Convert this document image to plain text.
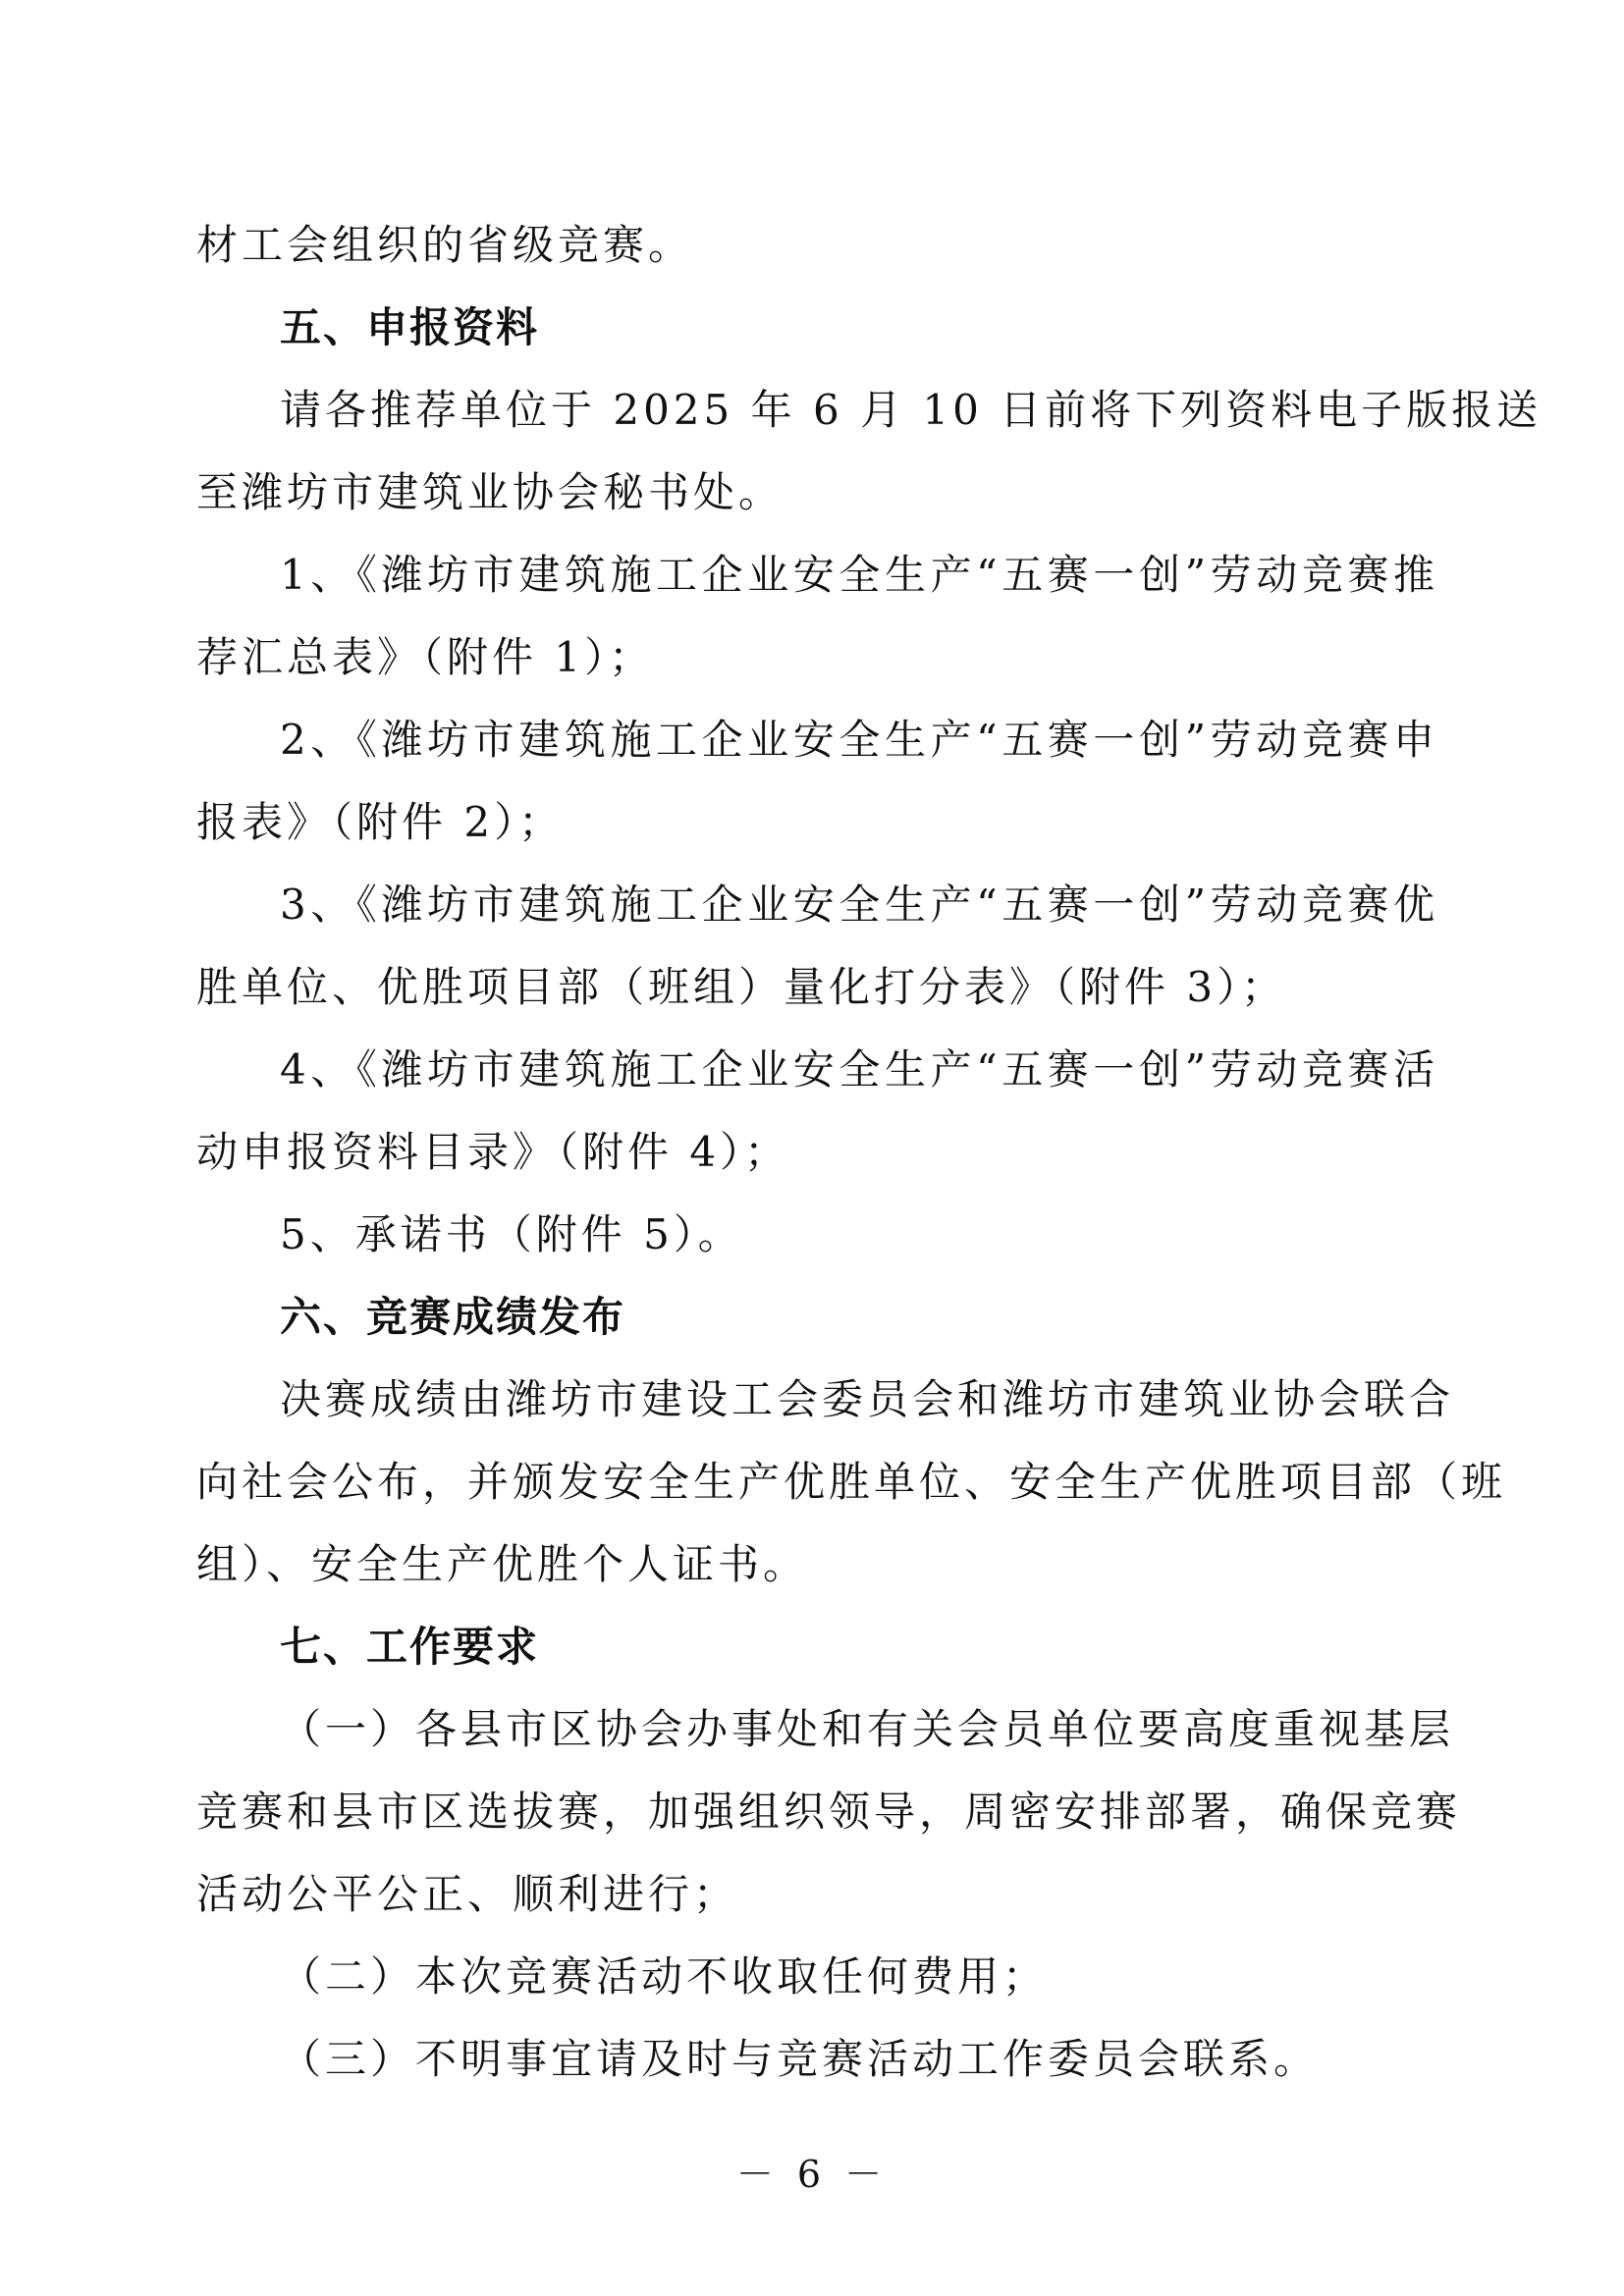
材工会组织的省级竞赛。
五、申报资料
请各推荐单位于 2025 年 6 月 10 日前将下列资料电子版报送
至潍坊市建筑业协会秘书处。
1、《潍坊市建筑施工企业安全生产“五赛一创”劳动竞赛推
荐汇总表》（附件 1）；
2、《潍坊市建筑施工企业安全生产“五赛一创”劳动竞赛申
报表》（附件 2）；
3、《潍坊市建筑施工企业安全生产“五赛一创”劳动竞赛优
胜单位、优胜项目部（班组）量化打分表》（附件 3）；
4、《潍坊市建筑施工企业安全生产“五赛一创”劳动竞赛活
动申报资料目录》（附件 4）；
5、承诺书（附件 5）。
六、竞赛成绩发布
决赛成绩由潍坊市建设工会委员会和潍坊市建筑业协会联合
向社会公布，并颁发安全生产优胜单位、安全生产优胜项目部（班
组）、安全生产优胜个人证书。
七、工作要求
（一）各县市区协会办事处和有关会员单位要高度重视基层
竞赛和县市区选拔赛，加强组织领导，周密安排部署，确保竞赛
活动公平公正、顺利进行；
（二）本次竞赛活动不收取任何费用；
（三）不明事宜请及时与竞赛活动工作委员会联系。
－ 6 －
